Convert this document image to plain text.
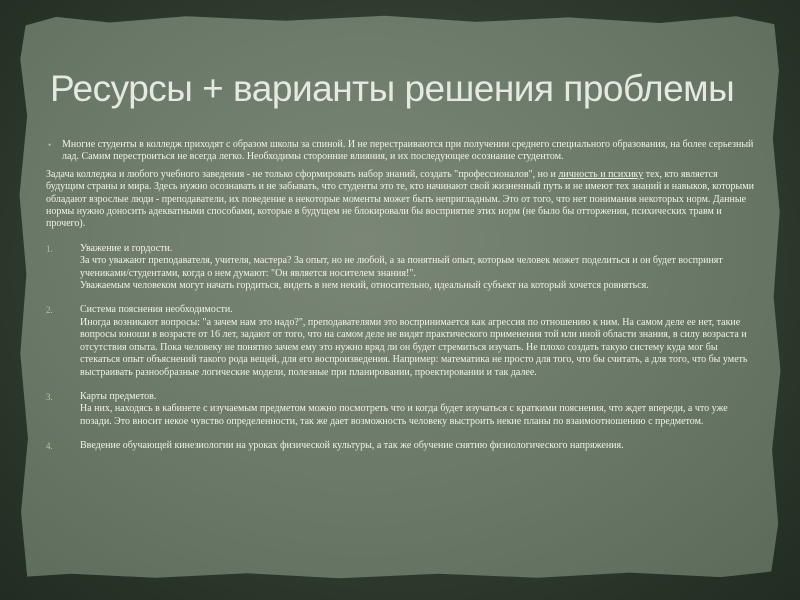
Ресурсы + варианты решения проблемы
• Многие студенты в колледж приходят с образом школы за спиной. И не перестраиваются при получении среднего специального образования, на более серьезный лад. Самим перестроиться не всегда легко. Необходимы сторонние влияния, и их последующее осознание студентом.
Задача колледжа и любого учебного заведения - не только сформировать набор знаний, создать "профессионалов", но и личность и психику тех, кто является будущим страны и мира. Здесь нужно осознавать и не забывать, что студенты это те, кто начинают свой жизненный путь и не имеют тех знаний и навыков, которыми обладают взрослые люди - преподаватели, их поведение в некоторые моменты может быть непригладным. Это от того, что нет понимания некоторых норм. Данные нормы нужно доносить адекватными способами, которые в будущем не блокировали бы восприятие этих норм (не было бы отторжения, психических травм и прочего).
1.	Уважение и гордости.
За что уважают преподавателя, учителя, мастера? За опыт, но не любой, а за понятный опыт, которым человек может поделиться и он будет воспринят учениками/студентами, когда о нем думают: "Он является носителем знания!".
Уважаемым человеком могут начать гордиться, видеть в нем некий, относительно, идеальный субъект на который хочется ровняться.
2.	Система пояснения необходимости.
Иногда возникают вопросы: "а зачем нам это надо?", преподавателями это воспринимается как агрессия по отношению к ним. На самом деле ее нет, такие вопросы юноши в возрасте от 16 лет, задают от того, что на самом деле не видят практического применения той или иной области знания, в силу возраста и отсутствия опыта. Пока человеку не понятно зачем ему это нужно вряд ли он будет стремиться изучать. Не плохо создать такую систему куда мог бы стекаться опыт объяснений такого рода вещей, для его воспроизведения. Например: математика не просто для того, что бы считать, а для того, что бы уметь выстраивать разнообразные логические модели, полезные при планировании, проектировании и так далее.
3.	Карты предметов.
На них, находясь в кабинете с изучаемым предметом можно посмотреть что и когда будет изучаться с краткими пояснения, что ждет впереди, а что уже позади. Это вносит некое чувство определенности, так же дает возможность человеку выстроить некие планы по взаимоотношению с предметом.
4.	Введение обучающей кинезиологии на уроках физической культуры, а так же обучение снятию физиологического напряжения.
